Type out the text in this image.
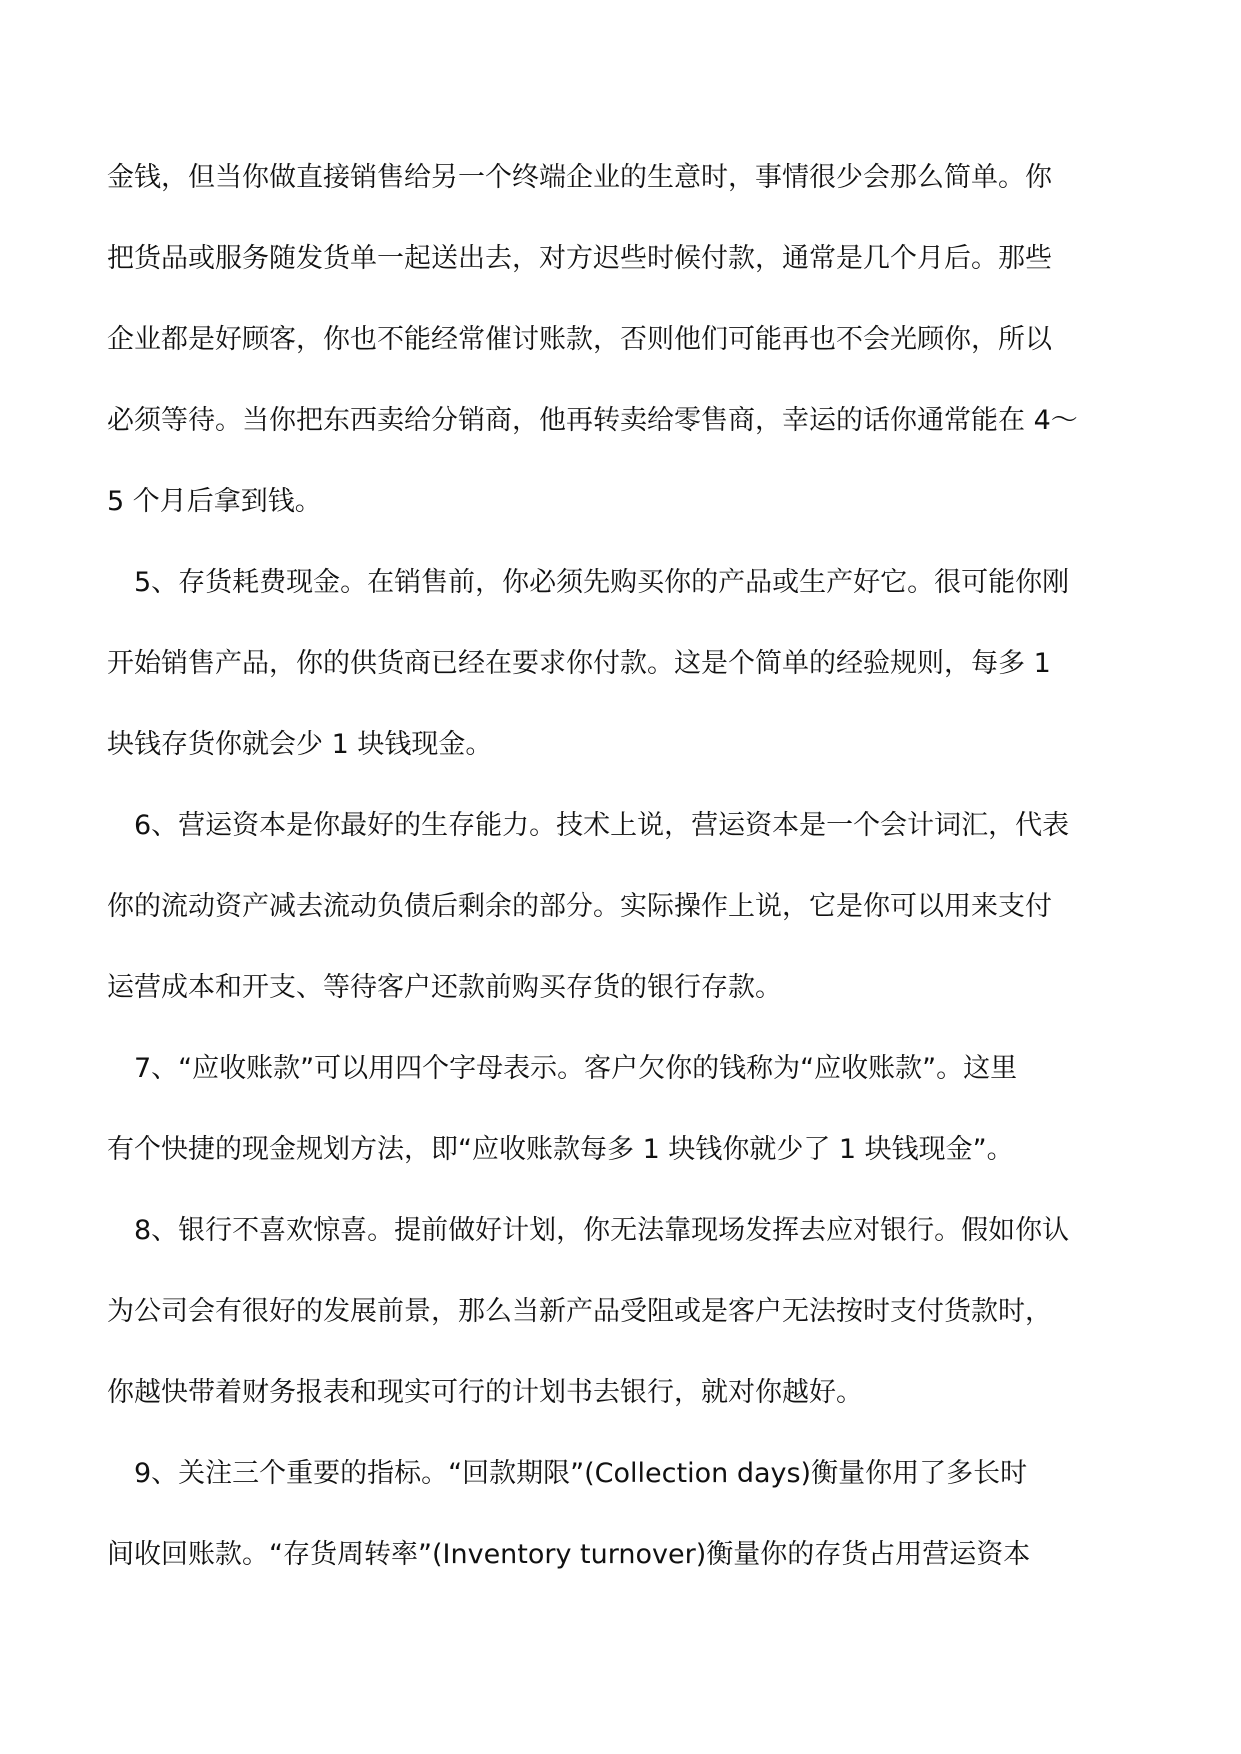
金钱，但当你做直接销售给另一个终端企业的生意时，事情很少会那么简单。你
把货品或服务随发货单一起送出去，对方迟些时候付款，通常是几个月后。那些
企业都是好顾客，你也不能经常催讨账款，否则他们可能再也不会光顾你，所以
必须等待。当你把东西卖给分销商，他再转卖给零售商，幸运的话你通常能在 4～
5 个月后拿到钱。
　5、存货耗费现金。在销售前，你必须先购买你的产品或生产好它。很可能你刚
开始销售产品，你的供货商已经在要求你付款。这是个简单的经验规则，每多 1
块钱存货你就会少 1 块钱现金。
　6、营运资本是你最好的生存能力。技术上说，营运资本是一个会计词汇，代表
你的流动资产减去流动负债后剩余的部分。实际操作上说，它是你可以用来支付
运营成本和开支、等待客户还款前购买存货的银行存款。
　7、“应收账款”可以用四个字母表示。客户欠你的钱称为“应收账款”。这里
有个快捷的现金规划方法，即“应收账款每多 1 块钱你就少了 1 块钱现金”。
　8、银行不喜欢惊喜。提前做好计划，你无法靠现场发挥去应对银行。假如你认
为公司会有很好的发展前景，那么当新产品受阻或是客户无法按时支付货款时，
你越快带着财务报表和现实可行的计划书去银行，就对你越好。
　9、关注三个重要的指标。“回款期限”(Collection days)衡量你用了多长时
间收回账款。“存货周转率”(Inventory turnover)衡量你的存货占用营运资本
